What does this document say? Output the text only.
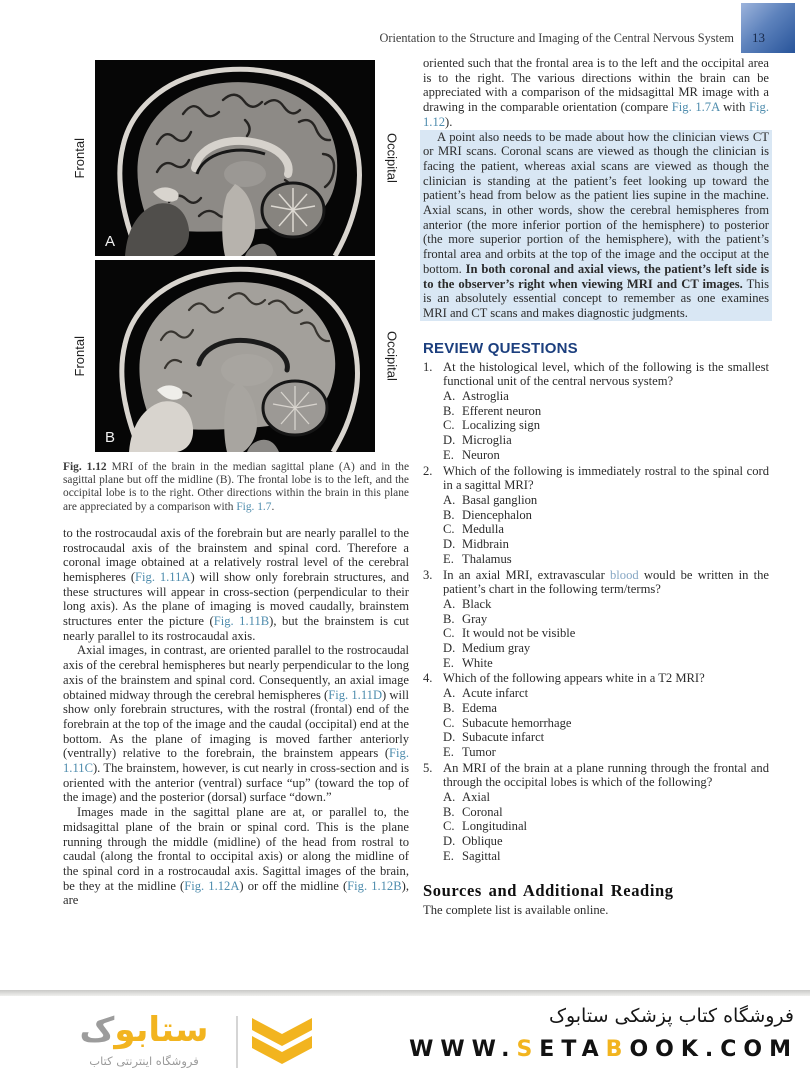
Orientation to the Structure and Imaging of the Central Nervous System 13
Frontal
A
Occipital
Frontal
B
Occipital
Fig. 1.12 MRI of the brain in the median sagittal plane (A) and in the sagittal plane but off the midline (B). The frontal lobe is to the left, and the occipital lobe is to the right. Other directions within the brain in this plane are appreciated by a comparison with Fig. 1.7.

to the rostrocaudal axis of the forebrain but are nearly parallel to the rostrocaudal axis of the brainstem and spinal cord. Therefore a coronal image obtained at a relatively rostral level of the cerebral hemispheres (Fig. 1.11A) will show only forebrain structures, and these structures will appear in cross-section (perpendicular to their long axis). As the plane of imaging is moved caudally, brainstem structures enter the picture (Fig. 1.11B), but the brainstem is cut nearly parallel to its rostrocaudal axis.

Axial images, in contrast, are oriented parallel to the rostrocaudal axis of the cerebral hemispheres but nearly perpendicular to the long axis of the brainstem and spinal cord. Consequently, an axial image obtained midway through the cerebral hemispheres (Fig. 1.11D) will show only forebrain structures, with the rostral (frontal) end of the forebrain at the top of the image and the caudal (occipital) end at the bottom. As the plane of imaging is moved farther anteriorly (ventrally) relative to the forebrain, the brainstem appears (Fig. 1.11C). The brainstem, however, is cut nearly in cross-section and is oriented with the anterior (ventral) surface “up” (toward the top of the image) and the posterior (dorsal) surface “down.”

Images made in the sagittal plane are at, or parallel to, the midsagittal plane of the brain or spinal cord. This is the plane running through the middle (midline) of the head from rostral to caudal (along the frontal to occipital axis) or along the midline of the spinal cord in a rostrocaudal axis. Sagittal images of the brain, be they at the midline (Fig. 1.12A) or off the midline (Fig. 1.12B), are

oriented such that the frontal area is to the left and the occipital area is to the right. The various directions within the brain can be appreciated with a comparison of the midsagittal MR image with a drawing in the comparable orientation (compare Fig. 1.7A with Fig. 1.12).

A point also needs to be made about how the clinician views CT or MRI scans. Coronal scans are viewed as though the clinician is facing the patient, whereas axial scans are viewed as though the clinician is standing at the patient’s feet looking up toward the patient’s head from below as the patient lies supine in the machine. Axial scans, in other words, show the cerebral hemispheres from anterior (the more inferior portion of the hemisphere) to posterior (the more superior portion of the hemisphere), with the patient’s frontal area and orbits at the top of the image and the occiput at the bottom. In both coronal and axial views, the patient’s left side is to the observer’s right when viewing MRI and CT images. This is an absolutely essential concept to remember as one examines MRI and CT scans and makes diagnostic judgments.

REVIEW QUESTIONS
1. At the histological level, which of the following is the smallest functional unit of the central nervous system?
A. Astroglia
B. Efferent neuron
C. Localizing sign
D. Microglia
E. Neuron
2. Which of the following is immediately rostral to the spinal cord in a sagittal MRI?
A. Basal ganglion
B. Diencephalon
C. Medulla
D. Midbrain
E. Thalamus
3. In an axial MRI, extravascular blood would be written in the patient’s chart in the following term/terms?
A. Black
B. Gray
C. It would not be visible
D. Medium gray
E. White
4. Which of the following appears white in a T2 MRI?
A. Acute infarct
B. Edema
C. Subacute hemorrhage
D. Subacute infarct
E. Tumor
5. An MRI of the brain at a plane running through the frontal and through the occipital lobes is which of the following?
A. Axial
B. Coronal
C. Longitudinal
D. Oblique
E. Sagittal
Sources and Additional Reading

The complete list is available online.

ستابوک
فروشگاه اینترنتی کتاب
فروشگاه کتاب پزشکی ستابوک
WWW.SETABOOK.COM
